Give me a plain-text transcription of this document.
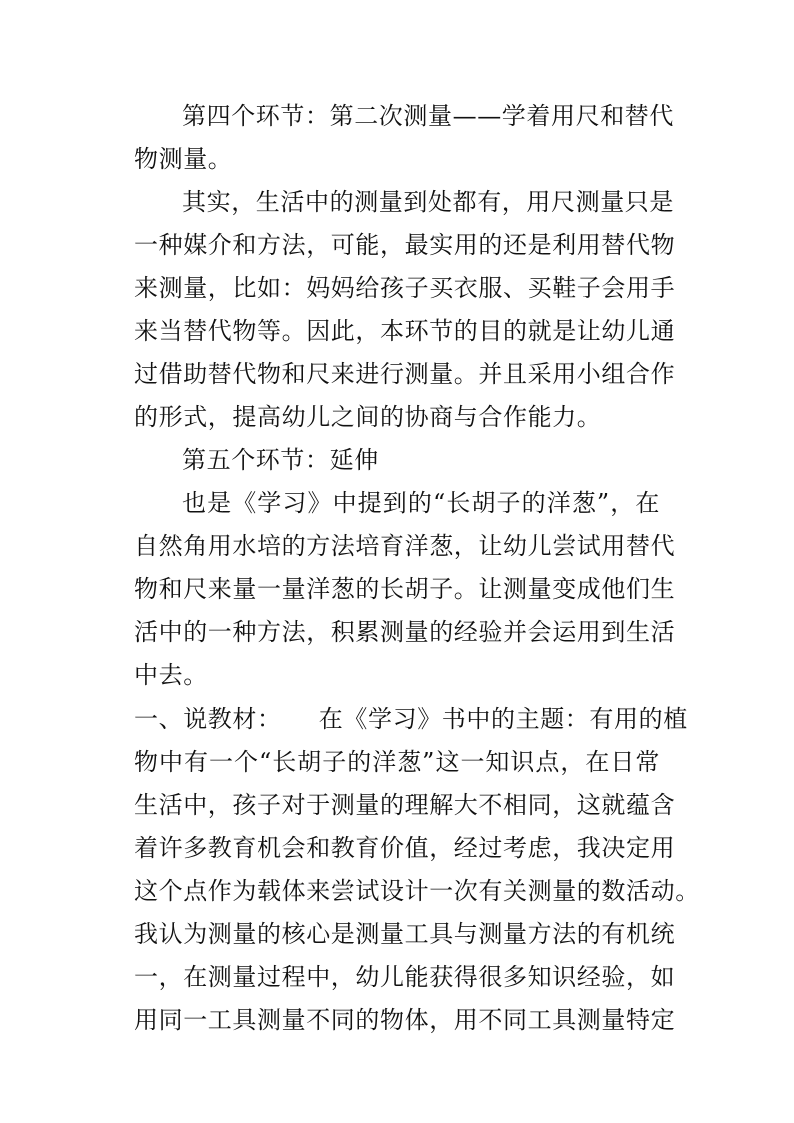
第四个环节：第二次测量——学着用尺和替代
物测量。
其实，生活中的测量到处都有，用尺测量只是
一种媒介和方法，可能，最实用的还是利用替代物
来测量，比如：妈妈给孩子买衣服、买鞋子会用手
来当替代物等。因此，本环节的目的就是让幼儿通
过借助替代物和尺来进行测量。并且采用小组合作
的形式，提高幼儿之间的协商与合作能力。
第五个环节：延伸
也是《学习》中提到的“长胡子的洋葱”，在
自然角用水培的方法培育洋葱，让幼儿尝试用替代
物和尺来量一量洋葱的长胡子。让测量变成他们生
活中的一种方法，积累测量的经验并会运用到生活
中去。
一、说教材：　　在《学习》书中的主题：有用的植
物中有一个“长胡子的洋葱”这一知识点，在日常
生活中，孩子对于测量的理解大不相同，这就蕴含
着许多教育机会和教育价值，经过考虑，我决定用
这个点作为载体来尝试设计一次有关测量的数活动。
我认为测量的核心是测量工具与测量方法的有机统
一，在测量过程中，幼儿能获得很多知识经验，如
用同一工具测量不同的物体，用不同工具测量特定
